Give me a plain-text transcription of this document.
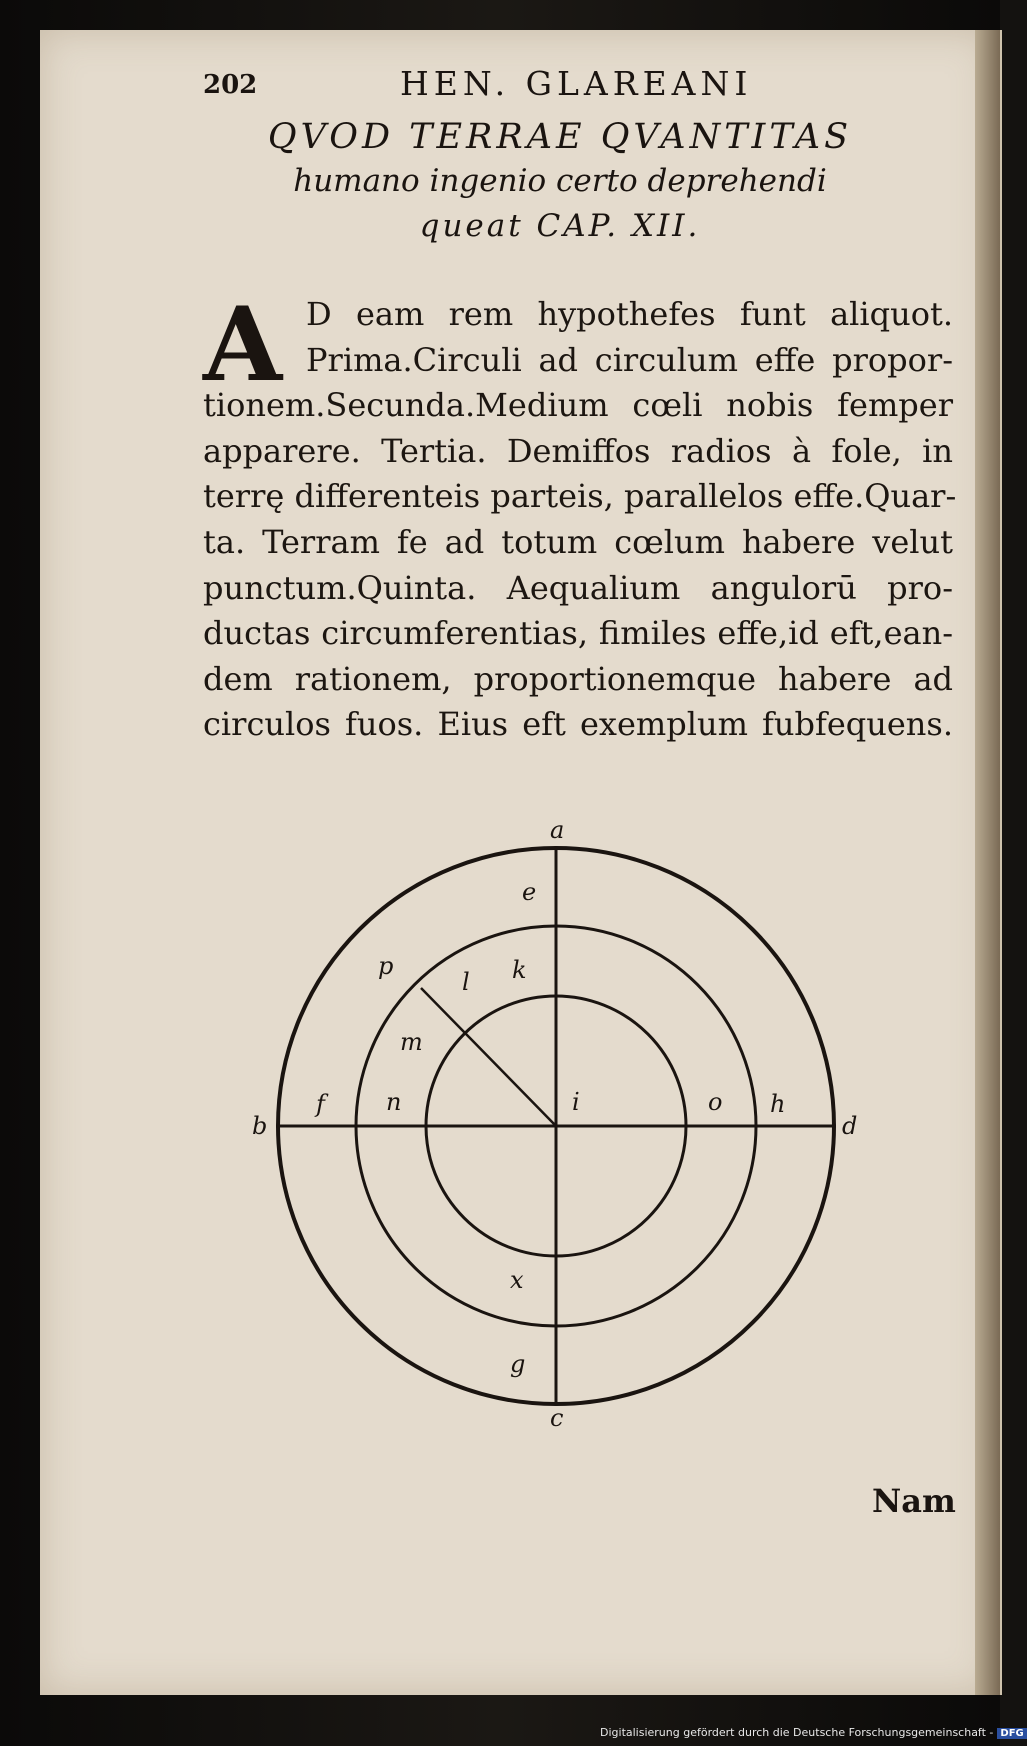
202	HEN. GLAREANI
QVOD TERRAE QVANTITAS
humano ingenio certo deprehendi
queat CAP. XII.
A D eam rem hypothefes funt aliquot.
Prima.Circuli ad circulum effe propor-
tionem.Secunda.Medium cœli nobis femper
apparere. Tertia. Demiffos radios à fole, in
terrę differenteis parteis, parallelos effe.Quar-
ta. Terram fe ad totum cœlum habere velut
punctum.Quinta. Aequalium angulorū pro-
ductas circumferentias, fimiles effe,id eft,ean-
dem rationem, proportionemque habere ad
circulos fuos. Eius eft exemplum fubfequens.
a
b
c
d
e
f
g
h
i
k
l
m
n	o
p
x
Nam
Digitalisierung gefördert durch die Deutsche Forschungsgemeinschaft - DFG
